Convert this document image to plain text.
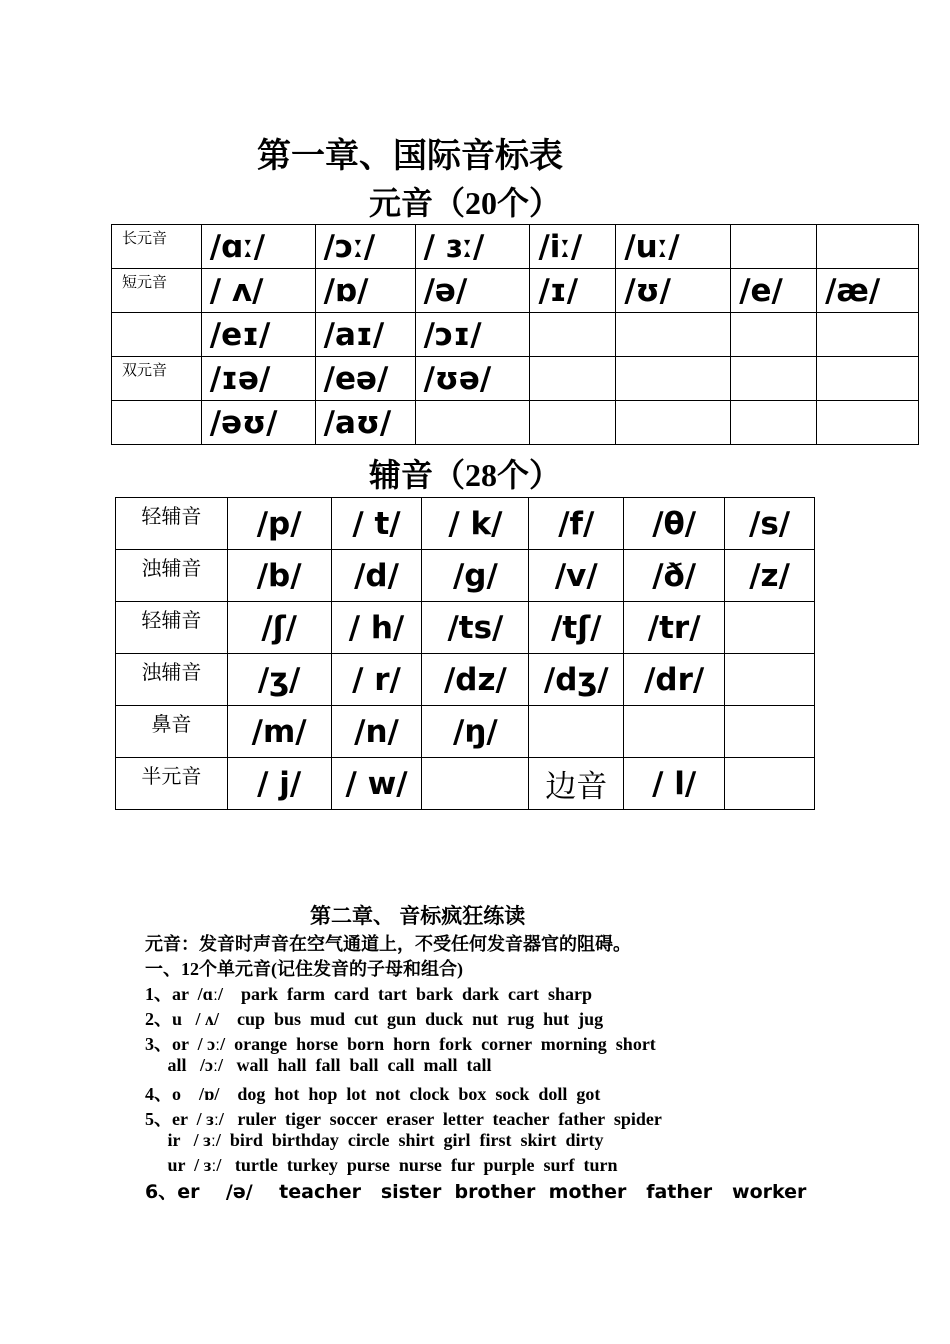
第一章、国际音标表
元音（20个）
长元音	/ɑː/	/ɔː/	/ ɜː/	/iː/	/uː/		
短元音	/ ʌ/	/ɒ/	/ə/	/ɪ/	/ʊ/	/e/	/æ/
	/eɪ/	/aɪ/	/ɔɪ/				
双元音	/ɪə/	/eə/	/ʊə/				
	/əʊ/	/aʊ/					
辅音（28个）
轻辅音	/p/	/ t/	/ k/	/f/	/θ/	/s/
浊辅音	/b/	/d/	/g/	/v/	/ð/	/z/
轻辅音	/ʃ/	/ h/	/ts/	/tʃ/	/tr/	
浊辅音	/ʒ/	/ r/	/dz/	/dʒ/	/dr/	
鼻音	/m/	/n/	/ŋ/			
半元音	/ j/	/ w/		边音	/ l/	
第二章、 音标疯狂练读
元音：发音时声音在空气通道上，不受任何发音器官的阻碍。
一、12个单元音(记住发音的子母和组合)
1、ar  /ɑː/    park  farm  card  tart  bark  dark  cart  sharp
2、u   / ʌ/    cup  bus  mud  cut  gun  duck  nut  rug  hut  jug
3、or  / ɔː/  orange  horse  born  horn  fork  corner  morning  short
all   /ɔː/   wall  hall  fall  ball  call  mall  tall
4、o    /ɒ/    dog  hot  hop  lot  not  clock  box  sock  doll  got
5、er  / ɜː/   ruler  tiger  soccer  eraser  letter  teacher  father  spider
ir   / ɜː/  bird  birthday  circle  shirt  girl  first  skirt  dirty
ur  / ɜː/   turtle  turkey  purse  nurse  fur  purple  surf  turn
6、er    /ə/    teacher   sister  brother  mother   father   worker
